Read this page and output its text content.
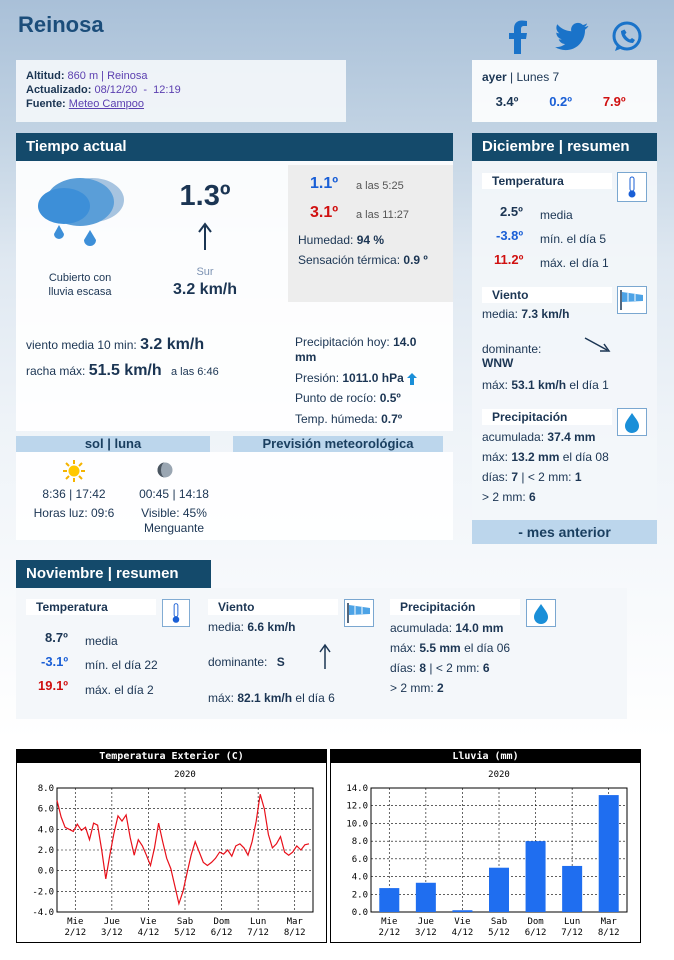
Reinosa
Altitud: 860 m | Reinosa
Actualizado: 08/12/20  -  12:19
Fuente: Meteo Campoo
ayer | Lunes 7
3.4º 0.2º 7.9º
Tiempo actual
Cubierto con
lluvia escasa
1.3º
Sur
3.2 km/h
1.1º a las 5:25
3.1º a las 11:27
Humedad: 94 %
Sensación térmica: 0.9 º
viento media 10 min: 3.2 km/h
racha máx: 51.5 km/h a las 6:46
Precipitación hoy: 14.0
mm
Presión: 1011.0 hPa
Punto de rocío: 0.5º
Temp. húmeda: 0.7º
sol | luna	Previsión meteorológica
8:36 | 17:42
Horas luz: 09:6
00:45 | 14:18
Visible: 45%
Menguante
Diciembre | resumen
Temperatura
2.5º media
-3.8º mín. el día 5
11.2º máx. el día 1
Viento
media: 7.3 km/h
dominante:
WNW
máx: 53.1 km/h el día 1
Precipitación
acumulada: 37.4 mm
máx: 13.2 mm el día 08
días: 7 | < 2 mm: 1
> 2 mm: 6
- mes anterior
Noviembre | resumen
Temperatura
8.7º media
-3.1º mín. el día 22
19.1º máx. el día 2
Viento
media: 6.6 km/h
dominante: S
máx: 82.1 km/h el día 6
Precipitación
acumulada: 14.0 mm
máx: 5.5 mm el día 06
días: 8 | < 2 mm: 6
> 2 mm: 2
Temperatura Exterior (C)
2020
8.0
6.0
4.0
2.0
0.0
-2.0
-4.0
Mie
2/12
Jue
3/12
Vie
4/12
Sab
5/12
Dom
6/12
Lun
7/12
Mar
8/12
Lluvia (mm)
2020
14.0
12.0
10.0
8.0
6.0
4.0
2.0
0.0
Mie
2/12
Jue
3/12
Vie
4/12
Sab
5/12
Dom
6/12
Lun
7/12
Mar
8/12
